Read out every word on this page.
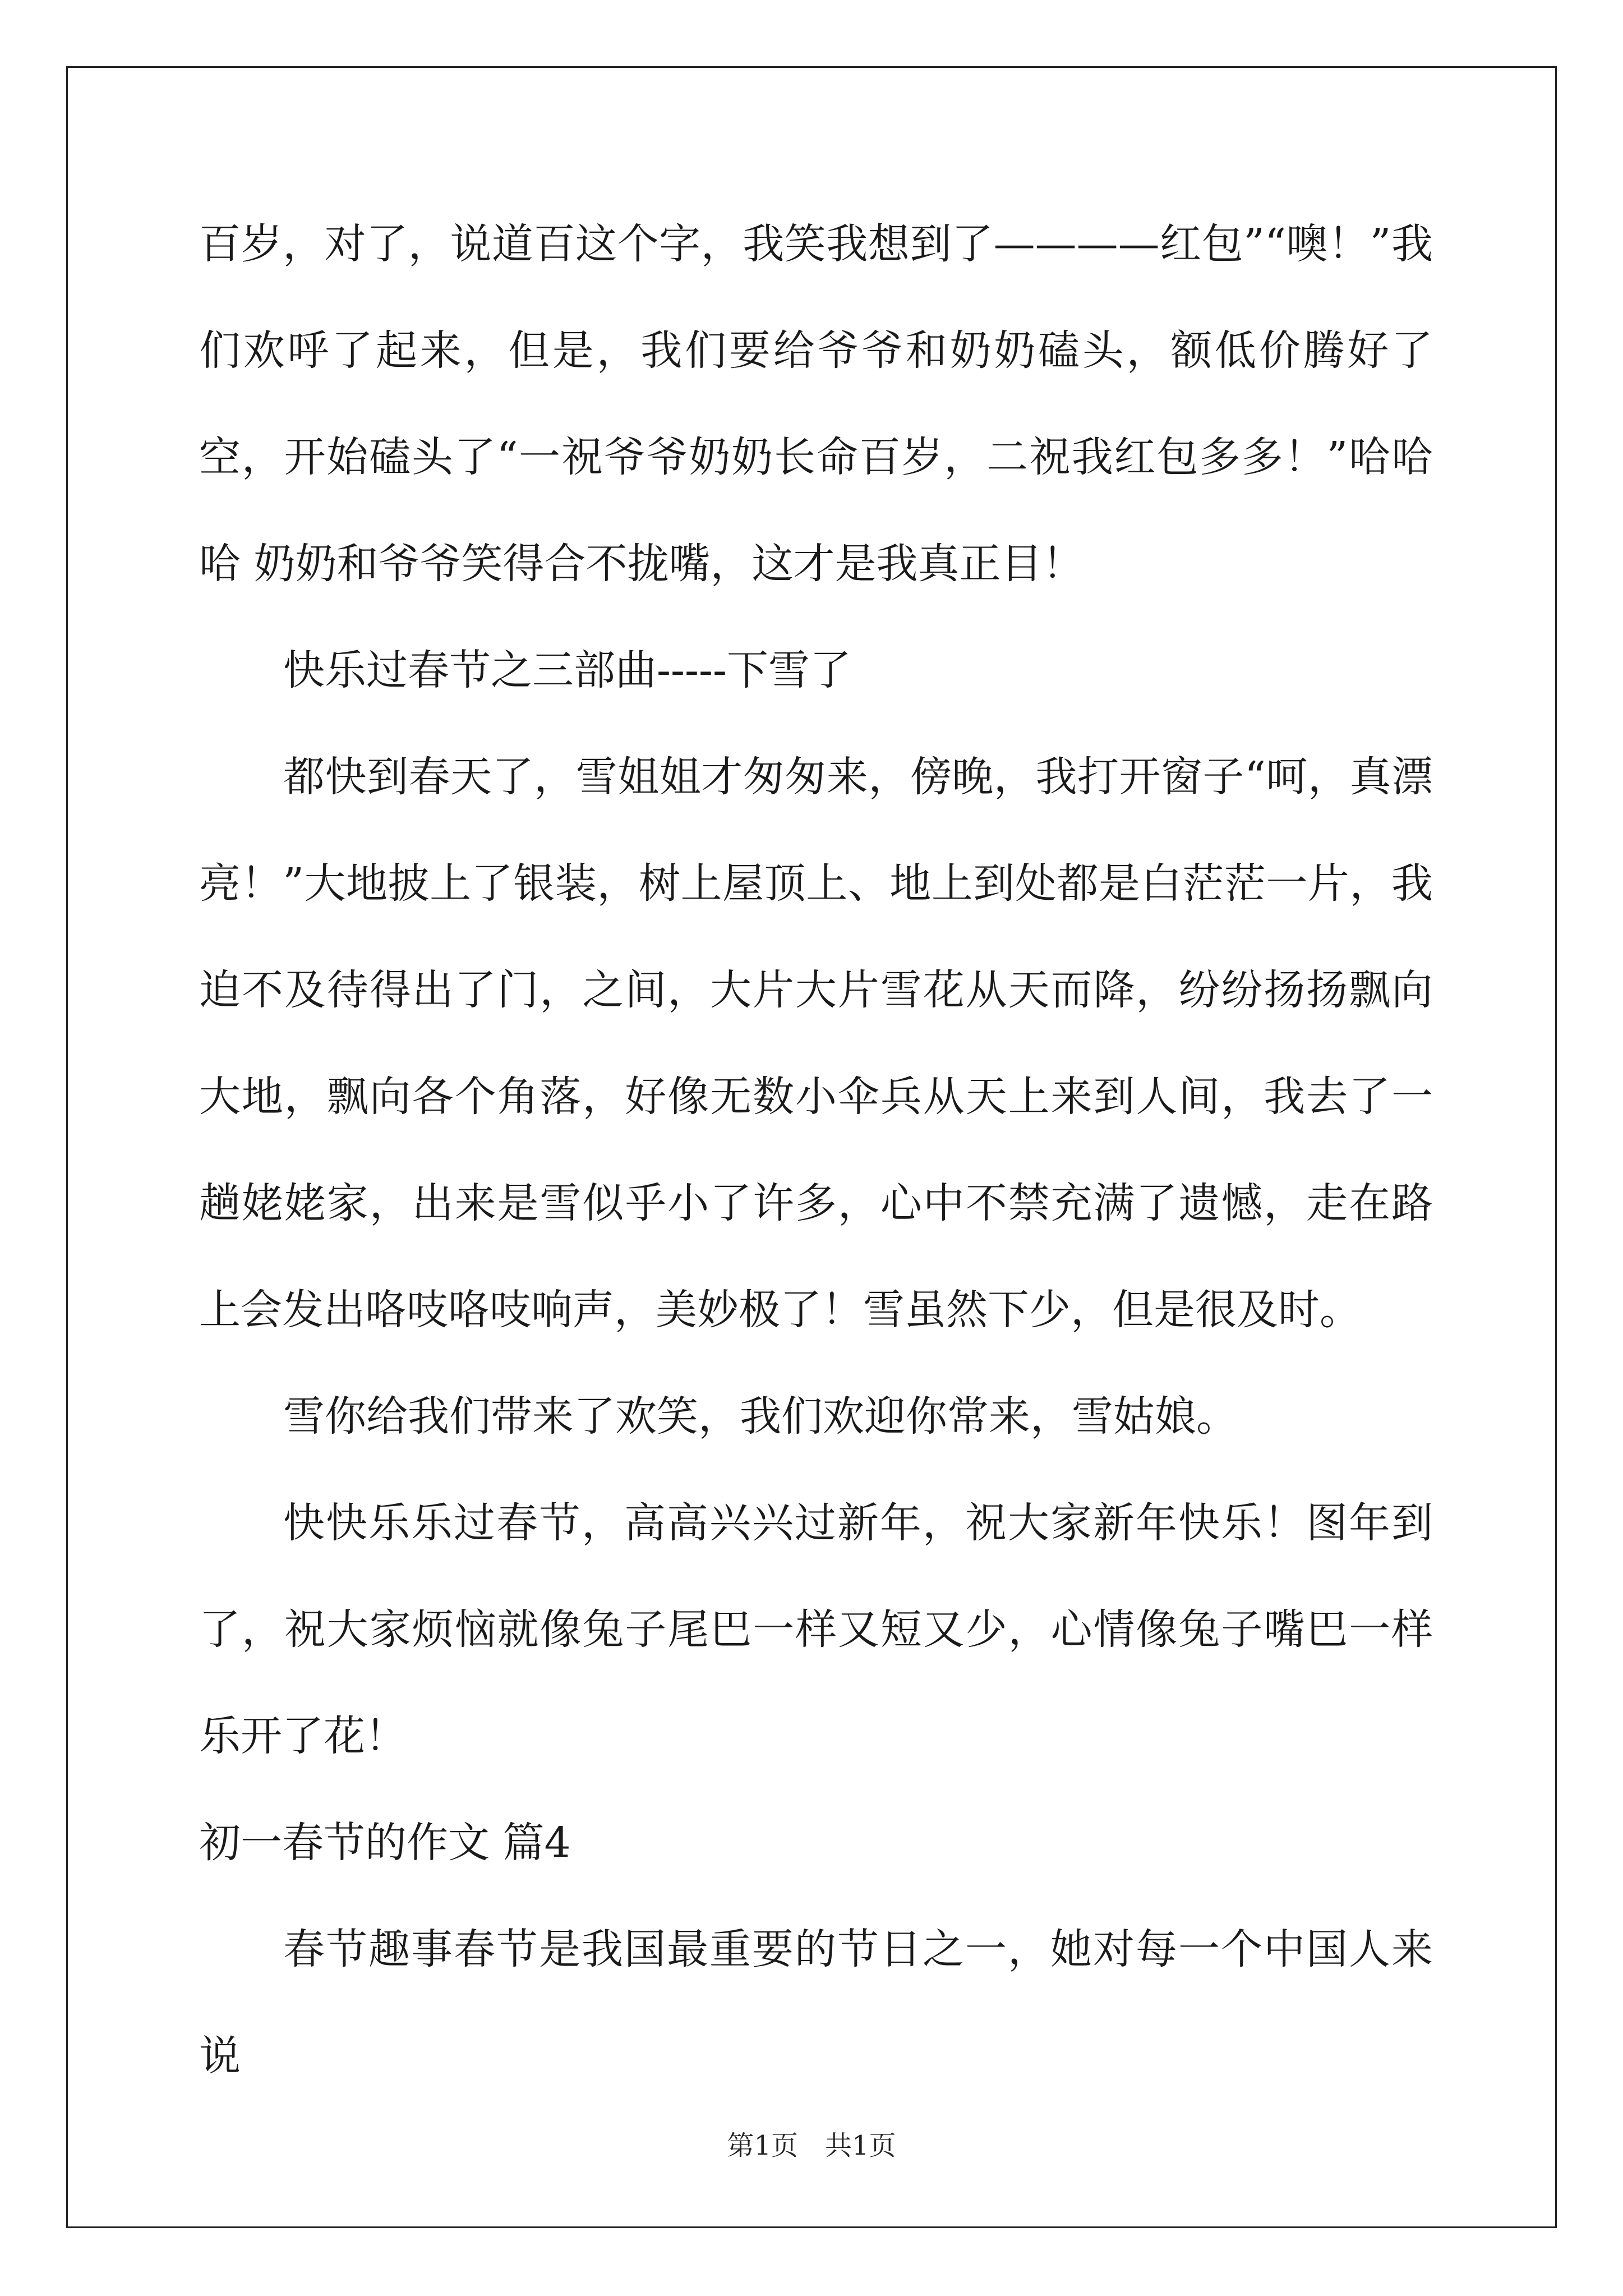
百岁，对了，说道百这个字，我笑我想到了————红包”“噢！”我们欢呼了起来，但是，我们要给爷爷和奶奶磕头，额低价腾好了空，开始磕头了“一祝爷爷奶奶长命百岁，二祝我红包多多！”哈哈哈 奶奶和爷爷笑得合不拢嘴，这才是我真正目！

快乐过春节之三部曲-----下雪了

都快到春天了，雪姐姐才匆匆来，傍晚，我打开窗子“呵，真漂亮！”大地披上了银装，树上屋顶上、地上到处都是白茫茫一片，我迫不及待得出了门，之间，大片大片雪花从天而降，纷纷扬扬飘向大地，飘向各个角落，好像无数小伞兵从天上来到人间，我去了一趟姥姥家，出来是雪似乎小了许多，心中不禁充满了遗憾，走在路上会发出咯吱咯吱响声，美妙极了！雪虽然下少，但是很及时。

雪你给我们带来了欢笑，我们欢迎你常来，雪姑娘。

快快乐乐过春节，高高兴兴过新年，祝大家新年快乐！图年到了，祝大家烦恼就像兔子尾巴一样又短又少，心情像兔子嘴巴一样乐开了花！

初一春节的作文 篇4

春节趣事春节是我国最重要的节日之一，她对每一个中国人来说

第1页　共1页
